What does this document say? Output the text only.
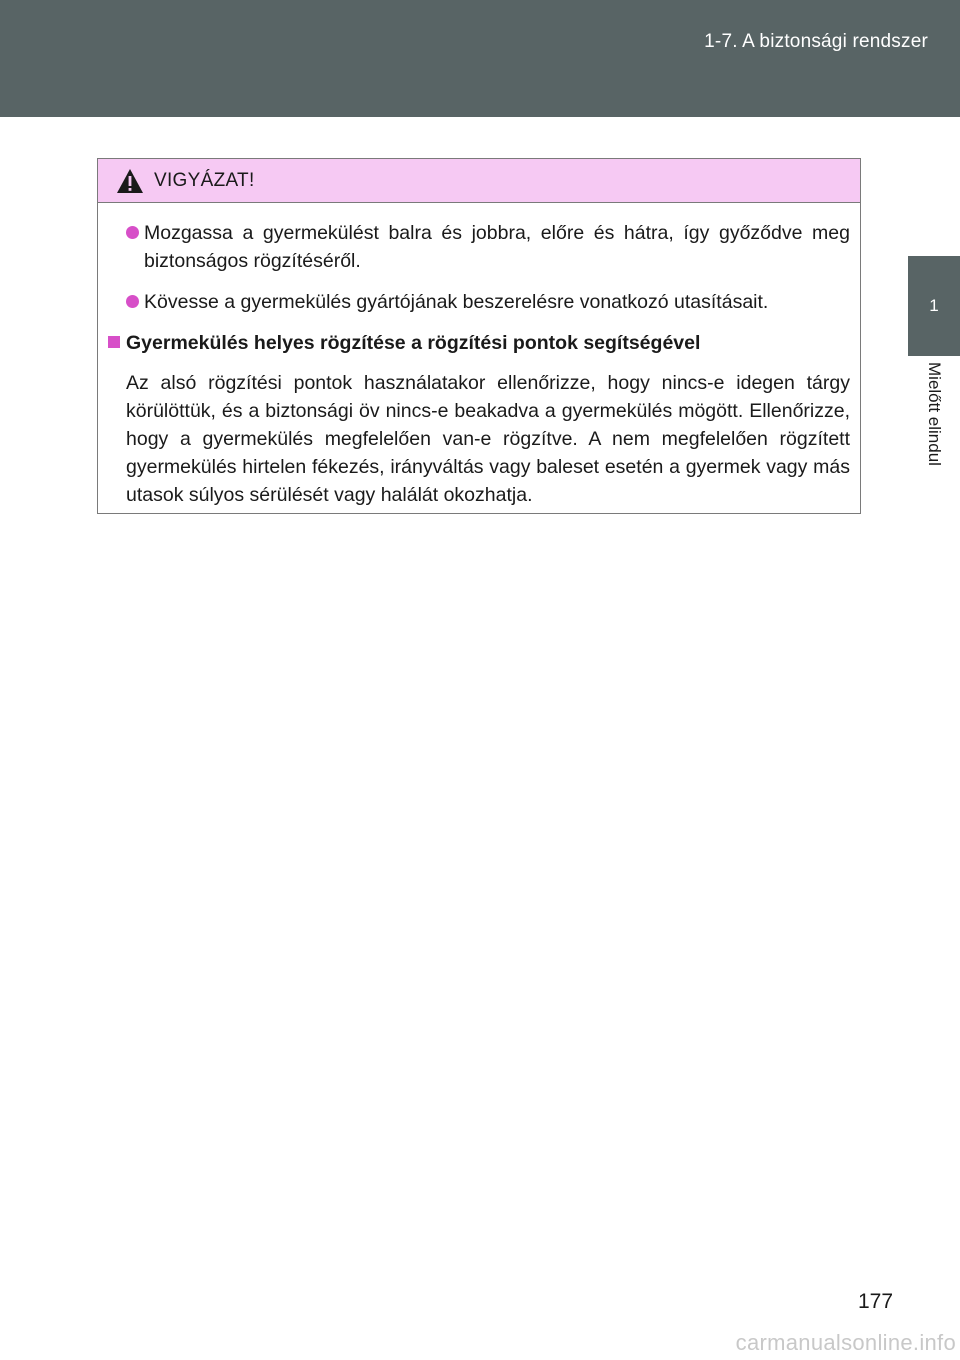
1-7. A biztonsági rendszer
1
Mielőtt elindul
VIGYÁZAT!
Mozgassa a gyermekülést balra és jobbra, előre és hátra, így győződve meg biztonságos rögzítéséről.
Kövesse a gyermekülés gyártójának beszerelésre vonatkozó utasításait.
Gyermekülés helyes rögzítése a rögzítési pontok segítségével
Az alsó rögzítési pontok használatakor ellenőrizze, hogy nincs-e idegen tárgy körülöttük, és a biztonsági öv nincs-e beakadva a gyermekülés mögött. Ellenőrizze, hogy a gyermekülés megfelelően van-e rögzítve. A nem megfelelően rögzített gyermekülés hirtelen fékezés, irányváltás vagy baleset esetén a gyermek vagy más utasok súlyos sérülését vagy halálát okozhatja.
177
carmanualsonline.info
